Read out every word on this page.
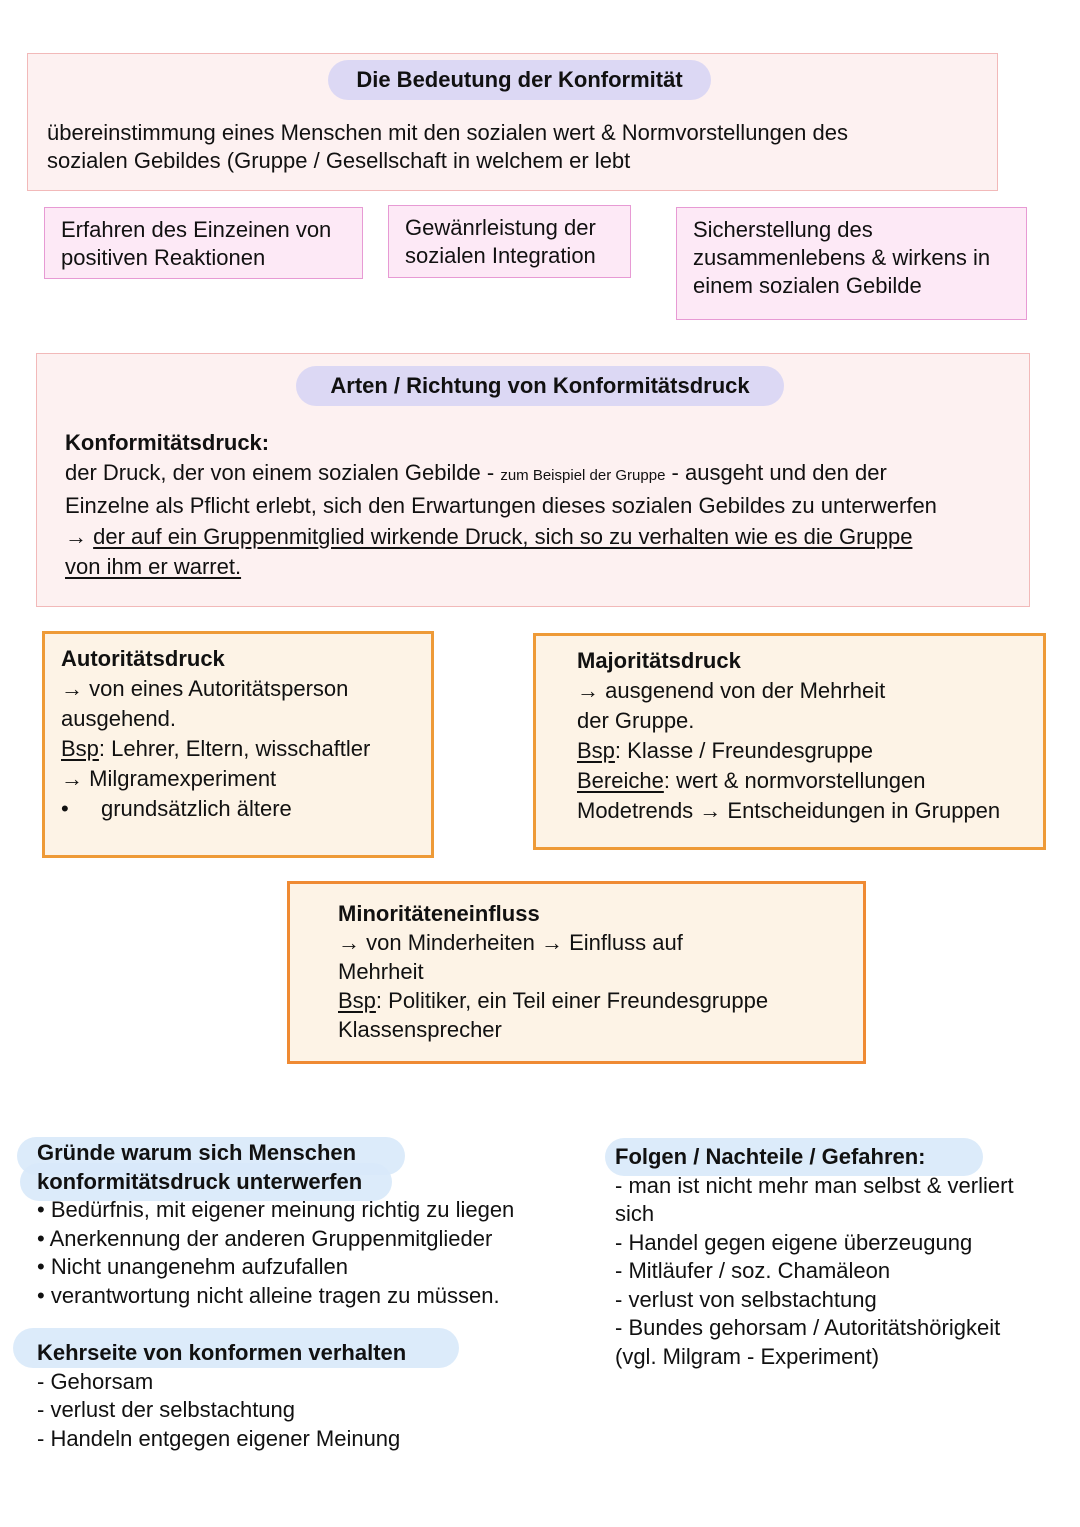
Die Bedeutung der Konformität
übereinstimmung eines Menschen mit den sozialen wert & Normvorstellungen des
sozialen Gebildes (Gruppe / Gesellschaft in welchem er lebt
Erfahren des Einzeinen von
positiven Reaktionen
Gewänrleistung der
sozialen Integration
Sicherstellung des
zusammenlebens & wirkens in
einem sozialen Gebilde
Arten / Richtung von Konformitätsdruck
Konformitätsdruck:
der Druck, der von einem sozialen Gebilde - zum Beispiel der Gruppe - ausgeht und den der
Einzelne als Pflicht erlebt, sich den Erwartungen dieses sozialen Gebildes zu unterwerfen
→ der auf ein Gruppenmitglied wirkende Druck, sich so zu verhalten wie es die Gruppe
von ihm er warret.
Autoritätsdruck
→ von eines Autoritätsperson
ausgehend.
Bsp: Lehrer, Eltern, wisschaftler
→ Milgramexperiment
• grundsätzlich ältere
Majoritätsdruck
→ ausgenend von der Mehrheit
der Gruppe.
Bsp: Klasse / Freundesgruppe
Bereiche: wert & normvorstellungen
Modetrends → Entscheidungen in Gruppen
Minoritäteneinfluss
→ von Minderheiten → Einfluss auf
Mehrheit
Bsp: Politiker, ein Teil einer Freundesgruppe
Klassensprecher
Gründe warum sich Menschen
konformitätsdruck unterwerfen
• Bedürfnis, mit eigener meinung richtig zu liegen
• Anerkennung der anderen Gruppenmitglieder
• Nicht unangenehm aufzufallen
• verantwortung nicht alleine tragen zu müssen.
Kehrseite von konformen verhalten
- Gehorsam
- verlust der selbstachtung
- Handeln entgegen eigener Meinung
Folgen / Nachteile / Gefahren:
- man ist nicht mehr man selbst & verliert
sich
- Handel gegen eigene überzeugung
- Mitläufer / soz. Chamäleon
- verlust von selbstachtung
- Bundes gehorsam / Autoritätshörigkeit
(vgl. Milgram - Experiment)
